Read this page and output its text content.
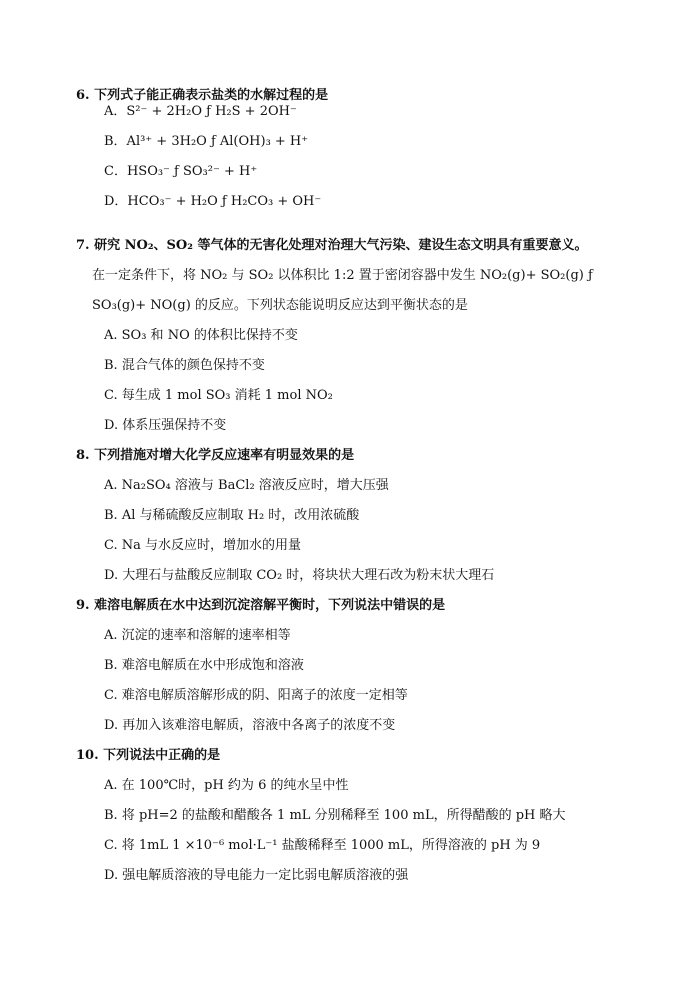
6. 下列式子能正确表示盐类的水解过程的是
A．S²⁻ + 2H₂O ƒ H₂S + 2OH⁻
B．Al³⁺ + 3H₂O ƒ Al(OH)₃ + H⁺
C．HSO₃⁻ ƒ SO₃²⁻ + H⁺
D．HCO₃⁻ + H₂O ƒ H₂CO₃ + OH⁻
7. 研究 NO₂、SO₂ 等气体的无害化处理对治理大气污染、建设生态文明具有重要意义。
在一定条件下，将 NO₂ 与 SO₂ 以体积比 1:2 置于密闭容器中发生 NO₂(g)+ SO₂(g) ƒ
SO₃(g)+ NO(g) 的反应。下列状态能说明反应达到平衡状态的是
A. SO₃ 和 NO 的体积比保持不变
B. 混合气体的颜色保持不变
C. 每生成 1 mol SO₃ 消耗 1 mol NO₂
D. 体系压强保持不变
8. 下列措施对增大化学反应速率有明显效果的是
A. Na₂SO₄ 溶液与 BaCl₂ 溶液反应时，增大压强
B. Al 与稀硫酸反应制取 H₂ 时，改用浓硫酸
C. Na 与水反应时，增加水的用量
D. 大理石与盐酸反应制取 CO₂ 时，将块状大理石改为粉末状大理石
9. 难溶电解质在水中达到沉淀溶解平衡时，下列说法中错误的是
A. 沉淀的速率和溶解的速率相等
B. 难溶电解质在水中形成饱和溶液
C. 难溶电解质溶解形成的阴、阳离子的浓度一定相等
D. 再加入该难溶电解质，溶液中各离子的浓度不变
10. 下列说法中正确的是
A. 在 100℃时，pH 约为 6 的纯水呈中性
B. 将 pH=2 的盐酸和醋酸各 1 mL 分别稀释至 100 mL，所得醋酸的 pH 略大
C. 将 1mL 1 ×10⁻⁶ mol·L⁻¹ 盐酸稀释至 1000 mL，所得溶液的 pH 为 9
D. 强电解质溶液的导电能力一定比弱电解质溶液的强
